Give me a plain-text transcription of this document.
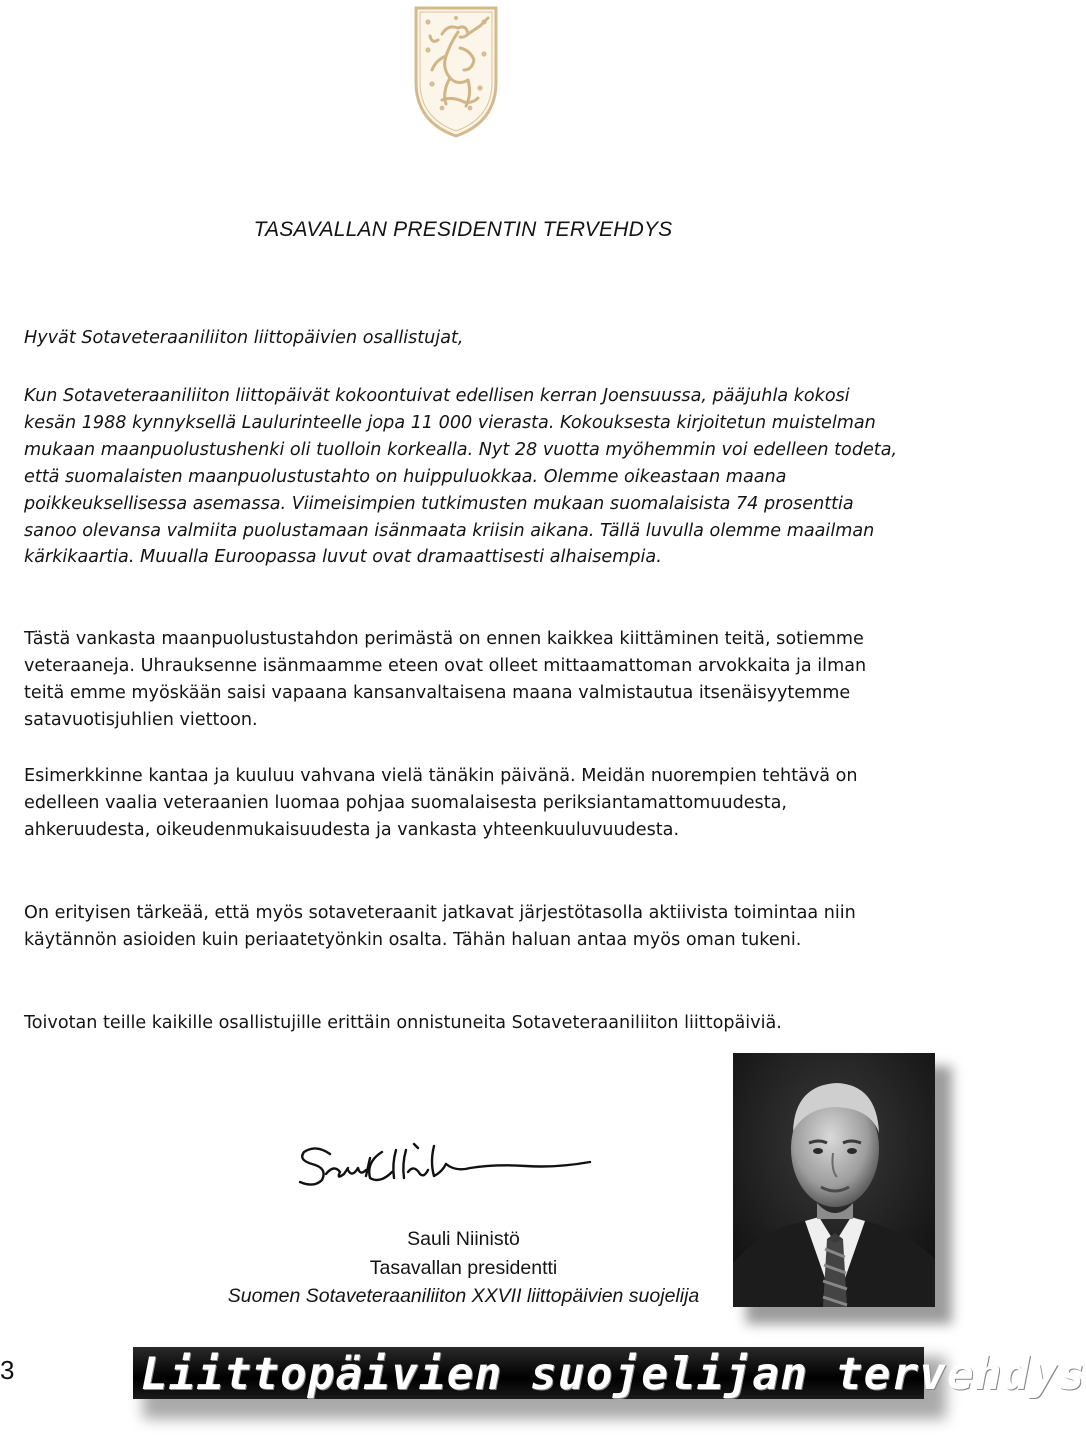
TASAVALLAN PRESIDENTIN TERVEHDYS

Hyvät Sotaveteraaniliiton liittopäivien osallistujat,

Kun Sotaveteraaniliiton liittopäivät kokoontuivat edellisen kerran Joensuussa, pääjuhla kokosi kesän 1988 kynnyksellä Laulurinteelle jopa 11 000 vierasta. Kokouksesta kirjoitetun muistelman mukaan maanpuolustushenki oli tuolloin korkealla. Nyt 28 vuotta myöhemmin voi edelleen todeta, että suomalaisten maanpuolustustahto on huippuluokkaa. Olemme oikeastaan maana poikkeuksellisessa asemassa. Viimeisimpien tutkimusten mukaan suomalaisista 74 prosenttia sanoo olevansa valmiita puolustamaan isänmaata kriisin aikana. Tällä luvulla olemme maailman kärkikaartia. Muualla Euroopassa luvut ovat dramaattisesti alhaisempia.

Tästä vankasta maanpuolustustahdon perimästä on ennen kaikkea kiittäminen teitä, sotiemme veteraaneja. Uhrauksenne isänmaamme eteen ovat olleet mittaamattoman arvokkaita ja ilman teitä emme myöskään saisi vapaana kansanvaltaisena maana valmistautua itsenäisyytemme satavuotisjuhlien viettoon.

Esimerkkinne kantaa ja kuuluu vahvana vielä tänäkin päivänä. Meidän nuorempien tehtävä on edelleen vaalia veteraanien luomaa pohjaa suomalaisesta periksiantamattomuudesta, ahkeruudesta, oikeudenmukaisuudesta ja vankasta yhteenkuuluvuudesta.

On erityisen tärkeää, että myös sotaveteraanit jatkavat järjestötasolla aktiivista toimintaa niin käytännön asioiden kuin periaatetyönkin osalta. Tähän haluan antaa myös oman tukeni.

Toivotan teille kaikille osallistujille erittäin onnistuneita Sotaveteraaniliiton liittopäiviä.

Sauli Niinistö
Tasavallan presidentti
Suomen Sotaveteraaniliiton XXVII liittopäivien suojelija
3	Liittopäivien suojelijan tervehdys
